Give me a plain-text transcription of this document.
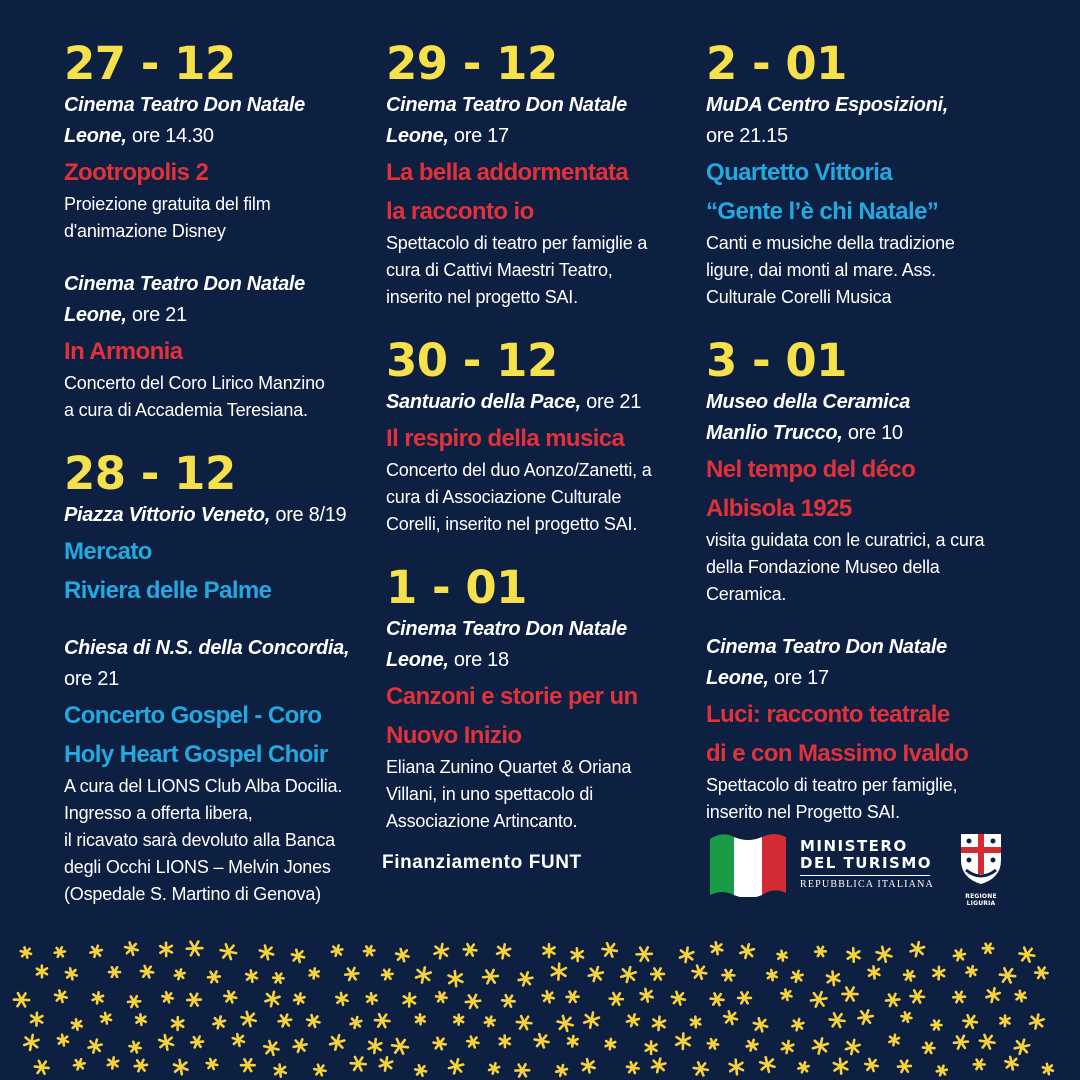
27 - 12
Cinema Teatro Don Natale
Leone, ore 14.30
Zootropolis 2
Proiezione gratuita del film
d'animazione Disney
Cinema Teatro Don Natale
Leone, ore 21
In Armonia
Concerto del Coro Lirico Manzino
a cura di Accademia Teresiana.
28 - 12
Piazza Vittorio Veneto, ore 8/19
Mercato
Riviera delle Palme
Chiesa di N.S. della Concordia,
ore 21
Concerto Gospel - Coro
Holy Heart Gospel Choir
A cura del LIONS Club Alba Docilia.
Ingresso a offerta libera,
il ricavato sarà devoluto alla Banca
degli Occhi LIONS – Melvin Jones
(Ospedale S. Martino di Genova)
29 - 12
Cinema Teatro Don Natale
Leone, ore 17
La bella addormentata
la racconto io
Spettacolo di teatro per famiglie a
cura di Cattivi Maestri Teatro,
inserito nel progetto SAI.
30 - 12
Santuario della Pace, ore 21
Il respiro della musica
Concerto del duo Aonzo/Zanetti, a
cura di Associazione Culturale
Corelli, inserito nel progetto SAI.
1 - 01
Cinema Teatro Don Natale
Leone, ore 18
Canzoni e storie per un
Nuovo Inizio
Eliana Zunino Quartet & Oriana
Villani, in uno spettacolo di
Associazione Artincanto.
2 - 01
MuDA Centro Esposizioni,
ore 21.15
Quartetto Vittoria
“Gente l’è chi Natale”
Canti e musiche della tradizione
ligure, dai monti al mare. Ass.
Culturale Corelli Musica
3 - 01
Museo della Ceramica
Manlio Trucco, ore 10
Nel tempo del déco
Albisola 1925
visita guidata con le curatrici, a cura
della Fondazione Museo della
Ceramica.
Cinema Teatro Don Natale
Leone, ore 17
Luci: racconto teatrale
di e con Massimo Ivaldo
Spettacolo di teatro per famiglie,
inserito nel Progetto SAI.
Finanziamento FUNT
MINISTERO
DEL TURISMO
REPUBBLICA ITALIANA
REGIONE LIGURIA
